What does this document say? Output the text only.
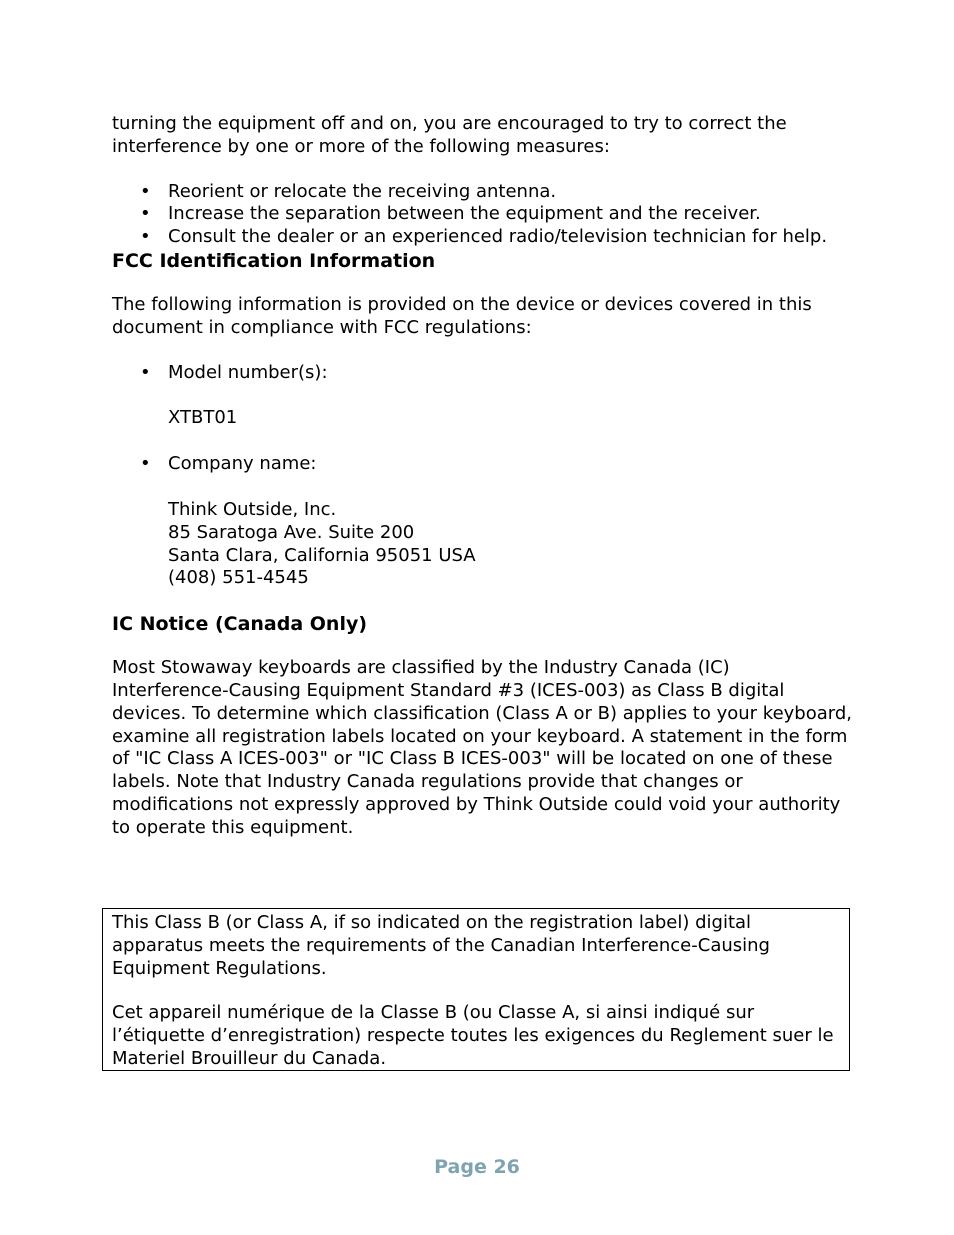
turning the equipment off and on, you are encouraged to try to correct the interference by one or more of the following measures:

• Reorient or relocate the receiving antenna.
• Increase the separation between the equipment and the receiver.
• Consult the dealer or an experienced radio/television technician for help.
FCC Identification Information

The following information is provided on the device or devices covered in this document in compliance with FCC regulations:

• Model number(s):
XTBT01
• Company name:
Think Outside, Inc.
85 Saratoga Ave. Suite 200
Santa Clara, California 95051 USA
(408) 551-4545
IC Notice (Canada Only)

Most Stowaway keyboards are classified by the Industry Canada (IC) Interference-Causing Equipment Standard #3 (ICES-003) as Class B digital devices. To determine which classification (Class A or B) applies to your keyboard, examine all registration labels located on your keyboard. A statement in the form of "IC Class A ICES-003" or "IC Class B ICES-003" will be located on one of these labels. Note that Industry Canada regulations provide that changes or modifications not expressly approved by Think Outside could void your authority to operate this equipment.

This Class B (or Class A, if so indicated on the registration label) digital apparatus meets the requirements of the Canadian Interference-Causing Equipment Regulations.

Cet appareil numérique de la Classe B (ou Classe A, si ainsi indiqué sur l’étiquette d’enregistration) respecte toutes les exigences du Reglement suer le Materiel Brouilleur du Canada.

Page 26
